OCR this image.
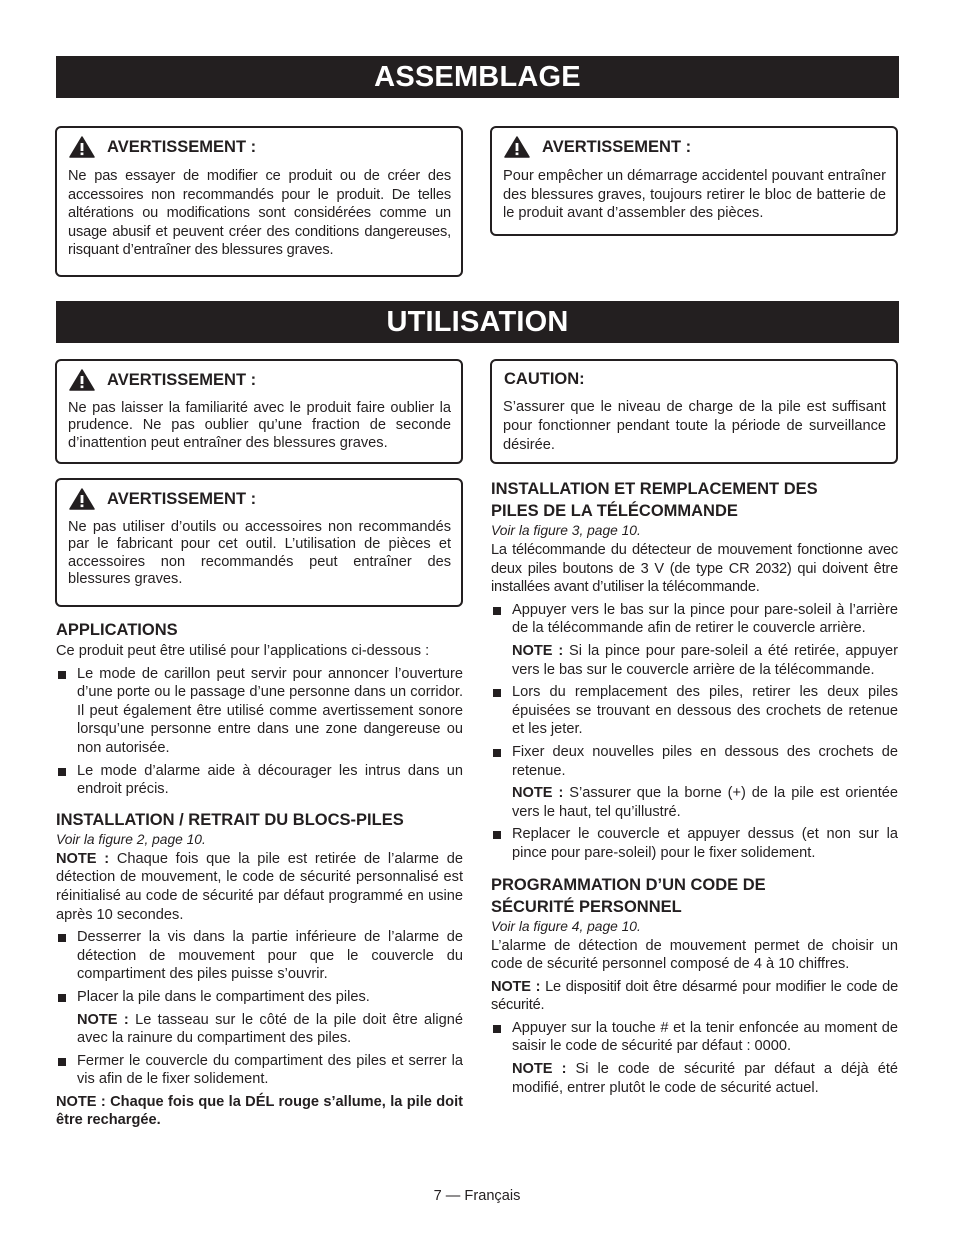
ASSEMBLAGE
AVERTISSEMENT :

Ne pas essayer de modifier ce produit ou de créer des accessoires non recommandés pour le produit. De telles altérations ou modifications sont considérées comme un usage abusif et peuvent créer des conditions dangereuses, risquant d’entraîner des blessures graves.

AVERTISSEMENT :

Pour empêcher un démarrage accidentel pouvant entraîner des blessures graves, toujours retirer le bloc de batterie de le produit avant d’assembler des pièces.

UTILISATION
AVERTISSEMENT :

Ne pas laisser la familiarité avec le produit faire oublier la prudence. Ne pas oublier qu’une fraction de seconde d’inattention peut entraîner des blessures graves.

AVERTISSEMENT :

Ne pas utiliser d’outils ou accessoires non recommandés par le fabricant pour cet outil. L’utilisation de pièces et accessoires non recommandés peut entraîner des blessures graves.

CAUTION:

S’assurer que le niveau de charge de la pile est suffisant pour fonctionner pendant toute la période de surveillance désirée.

APPLICATIONS

Ce produit peut être utilisé pour l’applications ci-dessous :

Le mode de carillon peut servir pour annoncer l’ouverture d’une porte ou le passage d’une personne dans un corridor. Il peut également être utilisé comme avertissement sonore lorsqu’une personne entre dans une zone dangereuse ou non autorisée.
Le mode d’alarme aide à décourager les intrus dans un endroit précis.
INSTALLATION / RETRAIT DU BLOCS-PILES

Voir la figure 2, page 10.

NOTE : Chaque fois que la pile est retirée de l’alarme de détection de mouvement, le code de sécurité personnalisé est réinitialisé au code de sécurité par défaut programmé en usine après 10 secondes.

Desserrer la vis dans la partie inférieure de l’alarme de détection de mouvement pour que le couvercle du compartiment des piles puisse s’ouvrir.
Placer la pile dans le compartiment des piles.

NOTE : Le tasseau sur le côté de la pile doit être aligné avec la rainure du compartiment des piles.

Fermer le couvercle du compartiment des piles et serrer la vis afin de le fixer solidement.

NOTE : Chaque fois que la DÉL rouge s’allume, la pile doit être rechargée.

INSTALLATION ET REMPLACEMENT DES
PILES DE LA TÉLÉCOMMANDE

Voir la figure 3, page 10.

La télécommande du détecteur de mouvement fonctionne avec deux piles boutons de 3 V (de type CR 2032) qui doivent être installées avant d’utiliser la télécommande.

Appuyer vers le bas sur la pince pour pare-soleil à l’arrière de la télécommande afin de retirer le couvercle arrière.

NOTE : Si la pince pour pare-soleil a été retirée, appuyer vers le bas sur le couvercle arrière de la télécommande.

Lors du remplacement des piles, retirer les deux piles épuisées se trouvant en dessous des crochets de retenue et les jeter.
Fixer deux nouvelles piles en dessous des crochets de retenue.

NOTE : S’assurer que la borne (+) de la pile est orientée vers le haut, tel qu’illustré.

Replacer le couvercle et appuyer dessus (et non sur la pince pour pare-soleil) pour le fixer solidement.
PROGRAMMATION D’UN CODE DE
SÉCURITÉ PERSONNEL

Voir la figure 4, page 10.

L’alarme de détection de mouvement permet de choisir un code de sécurité personnel composé de 4 à 10 chiffres.

NOTE : Le dispositif doit être désarmé pour modifier le code de sécurité.

Appuyer sur la touche # et la tenir enfoncée au moment de saisir le code de sécurité par défaut : 0000.

NOTE : Si le code de sécurité par défaut a déjà été modifié, entrer plutôt le code de sécurité actuel.

7 — Français
